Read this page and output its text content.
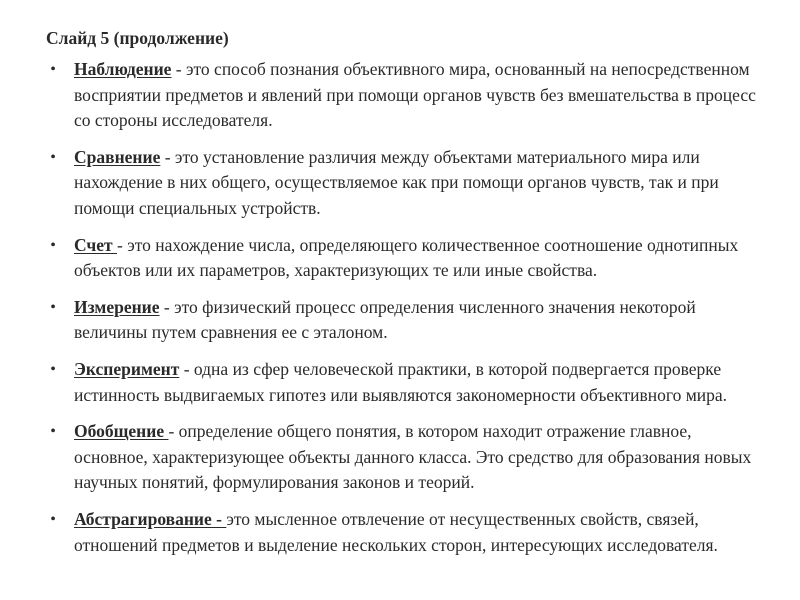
Слайд 5 (продолжение)
• Наблюдение - это способ познания объективного мира, основанный на непосредственном восприятии предметов и явлений при помощи органов чувств без вмешательства в процесс со стороны исследователя.
• Сравнение - это установление различия между объектами материального мира или нахождение в них общего, осуществляемое как при помощи органов чувств, так и при помощи специальных устройств.
• Счет - это нахождение числа, определяющего количественное соотношение однотипных объектов или их параметров, характеризующих те или иные свойства.
• Измерение - это физический процесс определения численного значения некоторой величины путем сравнения ее с эталоном.
• Эксперимент - одна из сфер человеческой практики, в которой подвергается проверке истинность выдвигаемых гипотез или выявляются закономерности объективного мира.
• Обобщение - определение общего понятия, в котором находит отражение главное, основное, характеризующее объекты данного класса. Это средство для образования новых научных понятий, формулирования законов и теорий.
• Абстрагирование - это мысленное отвлечение от несущественных свойств, связей, отношений предметов и выделение нескольких сторон, интересующих исследователя.
